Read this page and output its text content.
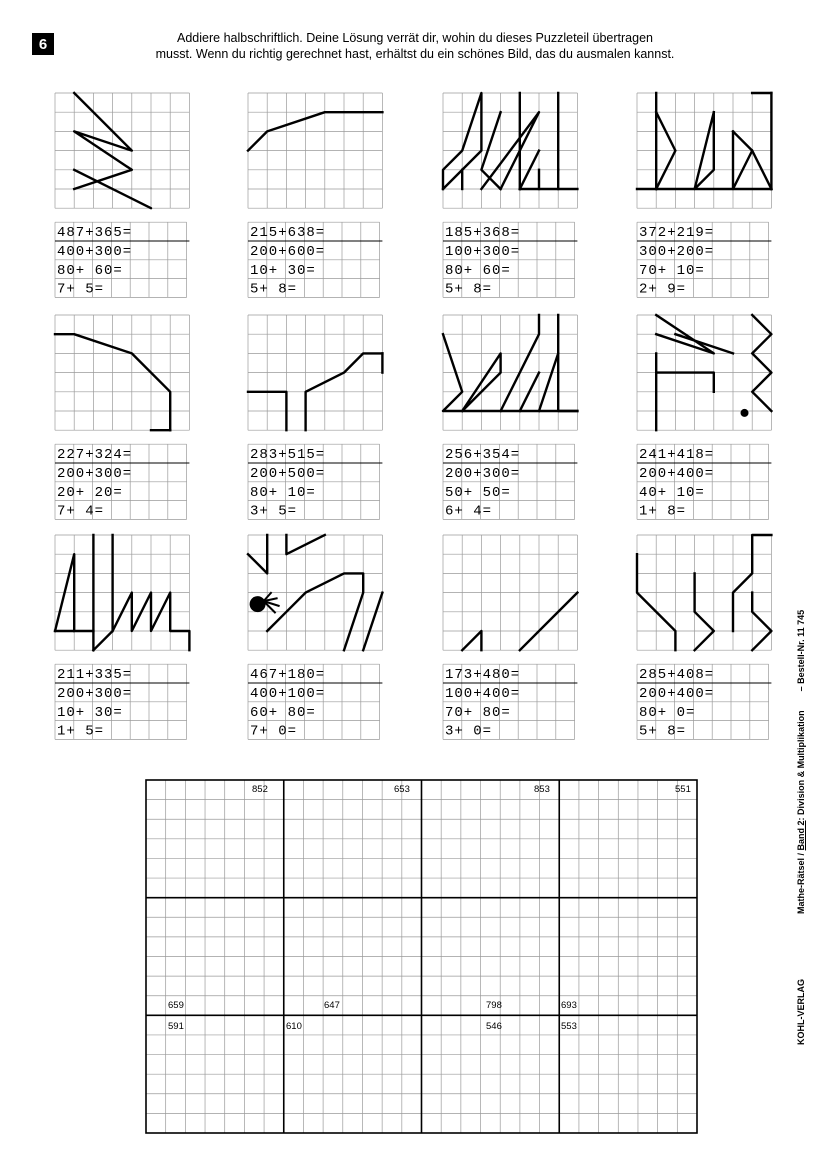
6	Addiere halbschriftlich. Deine Lösung verrät dir, wohin du dieses Puzzleteil übertragen
musst. Wenn du richtig gerechnet hast, erhältst du ein schönes Bild, das du ausmalen kannst.
487+365=
400+300=
80+ 60=
7+ 5=
215+638=
200+600=
10+ 30=
5+ 8=
185+368=
100+300=
80+ 60=
5+ 8=
372+219=
300+200=
70+ 10=
2+ 9=
227+324=
200+300=
20+ 20=
7+ 4=
283+515=
200+500=
80+ 10=
3+ 5=
256+354=
200+300=
50+ 50=
6+ 4=
241+418=
200+400=
40+ 10=
1+ 8=
211+335=
200+300=
10+ 30=
1+ 5=
467+180=
400+100=
60+ 80=
7+ 0=
173+480=
100+400=
70+ 80=
3+ 0=
285+408=
200+400=
80+ 0=
5+ 8=
852	653	853	551
659	647	798	693
591	610	546	553	KOHL-VERLAG  Mathe-Rätsel / Band 2: Division & Multiplikation  – Bestell-Nr. 11 745
